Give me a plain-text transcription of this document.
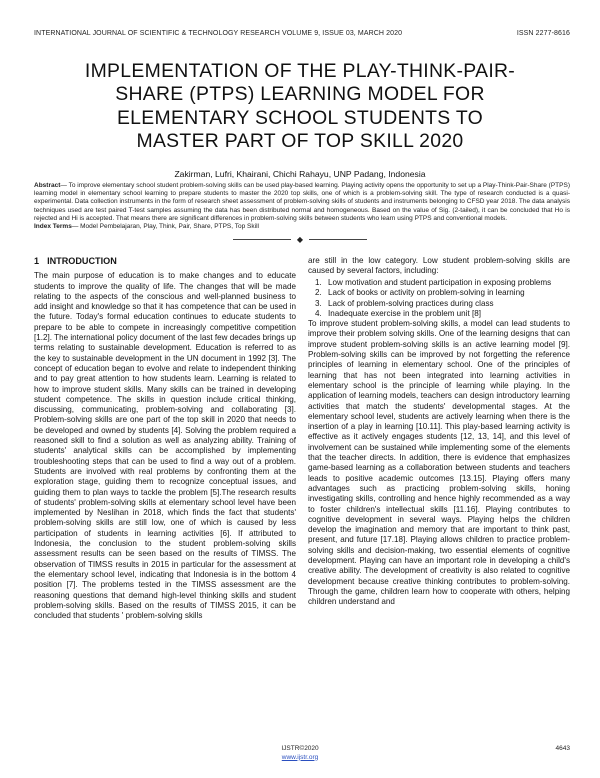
INTERNATIONAL JOURNAL OF SCIENTIFIC & TECHNOLOGY RESEARCH VOLUME 9, ISSUE 03, MARCH 2020	ISSN 2277-8616
IMPLEMENTATION OF THE PLAY-THINK-PAIR-
SHARE (PTPS) LEARNING MODEL FOR
ELEMENTARY SCHOOL STUDENTS TO
MASTER PART OF TOP SKILL 2020
Zakirman, Lufri, Khairani, Chichi Rahayu, UNP Padang, Indonesia
Abstract— To improve elementary school student problem-solving skills can be used play-based learning. Playing activity opens the opportunity to set up a Play-Think-Pair-Share (PTPS) learning model in elementary school learning to prepare students to master the 2020 top skills, one of which is a problem-solving skill. The type of research conducted is a quasi-experimental. Data collection instruments in the form of research sheet assessment of problem-solving skills of students and instruments belonging to CFSD year 2018. The data analysis techniques used are test paired T-test samples assuming the data has been distributed normal and homogeneous. Based on the value of Sig. (2-tailed), it can be concluded that Ho is rejected and Hi is accepted. That means there are significant differences in problem-solving skills between students who learn using PTPS and conventional models.
Index Terms— Model Pembelajaran, Play, Think, Pair, Share, PTPS, Top Skill
◆
1 INTRODUCTION

The main purpose of education is to make changes and to educate students to improve the quality of life. The changes that will be made relating to the aspects of the conscious and well-planned business to add insight and knowledge so that it has competence that can be used in the future. Today's formal education continues to educate students to prepare to be able to compete in increasingly competitive competition [1.2]. The international policy document of the last few decades brings up terms relating to sustainable development. Education is referred to as the key to sustainable development in the UN document in 1992 [3]. The concept of education began to evolve and relate to independent thinking and to pay great attention to how students learn. Learning is related to how to improve student skills. Many skills can be trained in developing student competence. The skills in question include critical thinking, discussing, communicating, problem-solving and collaborating [3]. Problem-solving skills are one part of the top skill in 2020 that needs to be developed and owned by students [4]. Solving the problem required a reasoned skill to find a solution as well as analyzing ability. Training of students' analytical skills can be accomplished by implementing troubleshooting steps that can be used to find a way out of a problem. Students are involved with real problems by confronting them at the exploration stage, guiding them to recognize conceptual issues, and guiding them to plan ways to tackle the problem [5].The research results of students' problem-solving skills at elementary school level have been implemented by Neslihan in 2018, which finds the fact that students' problem-solving skills are still low, one of which is caused by less participation of students in learning activities [6]. If attributed to Indonesia, the conclusion to the student problem-solving skills assessment results can be seen based on the results of TIMSS. The observation of TIMSS results in 2015 in particular for the assessment at the elementary school level, indicating that Indonesia is in the bottom 4 position [7]. The problems tested in the TIMSS assessment are the reasoning questions that demand high-level thinking skills and student problem-solving skills. Based on the results of TIMSS 2015, it can be concluded that students ' problem-solving skills

are still in the low category. Low student problem-solving skills are caused by several factors, including:

1. Low motivation and student participation in exposing problems
2. Lack of books or activity on problem-solving in learning
3. Lack of problem-solving practices during class
4. Inadequate exercise in the problem unit [8]

To improve student problem-solving skills, a model can lead students to improve their problem solving skills. One of the learning designs that can improve student problem-solving skills is an active learning model [9]. Problem-solving skills can be improved by not forgetting the reference principles of learning in elementary school. One of the principles of learning that has not been integrated into learning activities in elementary school is the principle of learning while playing. In the application of learning models, teachers can design introductory learning activities that match the students' developmental stages. At the elementary school level, students are actively learning when there is the insertion of a play in learning [10.11]. This play-based learning activity is effective as it actively engages students [12, 13, 14], and this level of involvement can be sustained while implementing some of the elements that the teacher directs. In addition, there is evidence that emphasizes game-based learning as a collaboration between students and teachers leads to positive academic outcomes [13.15]. Playing offers many advantages such as practicing problem-solving skills, honing investigating skills, controlling and hence highly recommended as a way to foster children's intellectual skills [11.16]. Playing contributes to cognitive development in several ways. Playing helps the children develop the imagination and memory that are important to think past, present, and future [17.18]. Playing allows children to practice problem-solving skills and decision-making, two essential elements of cognitive development. Playing can have an important role in developing a child's creative ability. The development of creativity is also related to cognitive development because creative thinking contributes to problem-solving. Through the game, children learn how to cooperate with others, helping children understand and

IJSTR©2020
www.ijstr.org
4643
